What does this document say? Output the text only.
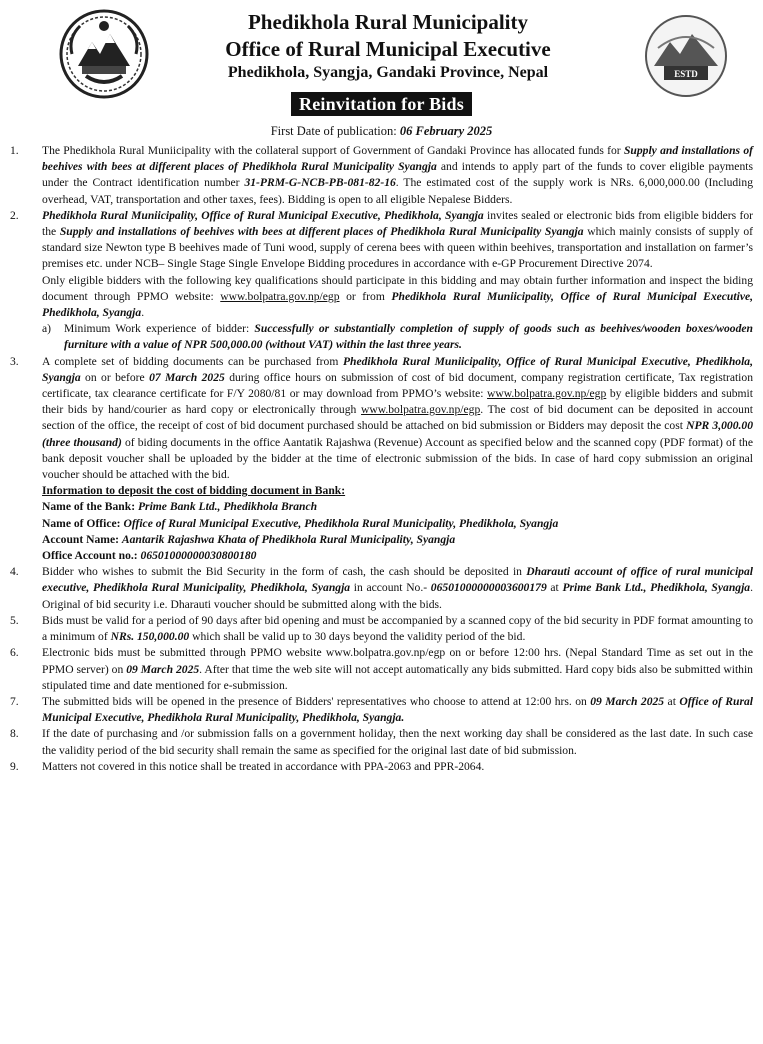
Phedikhola Rural Municipality
Office of Rural Municipal Executive
Phedikhola, Syangja, Gandaki Province, Nepal	ESTD
Reinvitation for Bids
First Date of publication: 06 February 2025
1.	The Phedikhola Rural Muniicipality with the collateral support of Government of Gandaki Province has allocated funds for Supply and installations of beehives with bees at different places of Phedikhola Rural Municipality Syangja and intends to apply part of the funds to cover eligible payments under the Contract identification number 31-PRM-G-NCB-PB-081-82-16. The estimated cost of the supply work is NRs. 6,000,000.00 (Including overhead, VAT, transportation and other taxes, fees). Bidding is open to all eligible Nepalese Bidders.
2.	Phedikhola Rural Muniicipality, Office of Rural Municipal Executive, Phedikhola, Syangja invites sealed or electronic bids from eligible bidders for the Supply and installations of beehives with bees at different places of Phedikhola Rural Municipality Syangja which mainly consists of supply of standard size Newton type B beehives made of Tuni wood, supply of cerena bees with queen within beehives, transportation and installation on farmer’s premises etc. under NCB– Single Stage Single Envelope Bidding procedures in accordance with e-GP Procurement Directive 2074.

Only eligible bidders with the following key qualifications should participate in this bidding and may obtain further information and inspect the biding document through PPMO website: www.bolpatra.gov.np/egp or from Phedikhola Rural Muniicipality, Office of Rural Municipal Executive, Phedikhola, Syangja.

a)	Minimum Work experience of bidder: Successfully or substantially completion of supply of goods such as beehives/wooden boxes/wooden furniture with a value of NPR 500,000.00 (without VAT) within the last three years.
3.	A complete set of bidding documents can be purchased from Phedikhola Rural Muniicipality, Office of Rural Municipal Executive, Phedikhola, Syangja on or before 07 March 2025 during office hours on submission of cost of bid document, company registration certificate, Tax registration certificate, tax clearance certificate for F/Y 2080/81 or may download from PPMO’s website: www.bolpatra.gov.np/egp by eligible bidders and submit their bids by hand/courier as hard copy or electronically through www.bolpatra.gov.np/egp. The cost of bid document can be deposited in account section of the office, the receipt of cost of bid document purchased should be attached on bid submission or Bidders may deposit the cost NPR 3,000.00 (three thousand) of biding documents in the office Aantatik Rajashwa (Revenue) Account as specified below and the scanned copy (PDF format) of the bank deposit voucher shall be uploaded by the bidder at the time of electronic submission of the bids. In case of hard copy submission an original voucher should be attached with the bid.

Information to deposit the cost of bidding document in Bank:

Name of the Bank: Prime Bank Ltd., Phedikhola Branch

Name of Office: Office of Rural Municipal Executive, Phedikhola Rural Municipality, Phedikhola, Syangja

Account Name: Aantarik Rajashwa Khata of Phedikhola Rural Municipality, Syangja

Office Account no.: 06501000000030800180

4.	Bidder who wishes to submit the Bid Security in the form of cash, the cash should be deposited in Dharauti account of office of rural municipal executive, Phedikhola Rural Municipality, Phedikhola, Syangja in account No.- 06501000000003600179 at Prime Bank Ltd., Phedikhola, Syangja. Original of bid security i.e. Dharauti voucher should be submitted along with the bids.
5.	Bids must be valid for a period of 90 days after bid opening and must be accompanied by a scanned copy of the bid security in PDF format amounting to a minimum of NRs. 150,000.00 which shall be valid up to 30 days beyond the validity period of the bid.
6.	Electronic bids must be submitted through PPMO website www.bolpatra.gov.np/egp on or before 12:00 hrs. (Nepal Standard Time as set out in the PPMO server) on 09 March 2025. After that time the web site will not accept automatically any bids submitted. Hard copy bids also be submitted within stipulated time and date mentioned for e-submission.
7.	The submitted bids will be opened in the presence of Bidders' representatives who choose to attend at 12:00 hrs. on 09 March 2025 at Office of Rural Municipal Executive, Phedikhola Rural Municipality, Phedikhola, Syangja.
8.	If the date of purchasing and /or submission falls on a government holiday, then the next working day shall be considered as the last date. In such case the validity period of the bid security shall remain the same as specified for the original last date of bid submission.
9.	Matters not covered in this notice shall be treated in accordance with PPA-2063 and PPR-2064.
